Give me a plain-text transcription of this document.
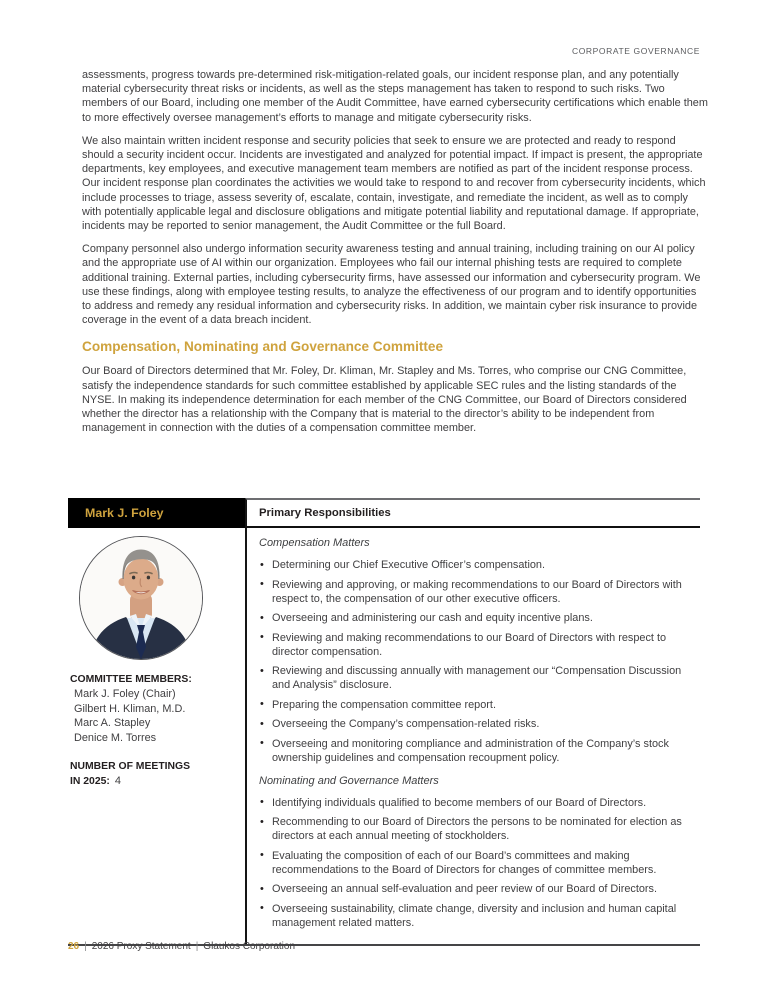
CORPORATE GOVERNANCE

assessments, progress towards pre-determined risk-mitigation-related goals, our incident response plan, and any potentially material cybersecurity threat risks or incidents, as well as the steps management has taken to respond to such risks. Two members of our Board, including one member of the Audit Committee, have earned cybersecurity certifications which enable them to more effectively oversee management’s efforts to manage and mitigate cybersecurity risks.

We also maintain written incident response and security policies that seek to ensure we are protected and ready to respond should a security incident occur. Incidents are investigated and analyzed for potential impact. If impact is present, the appropriate departments, key employees, and executive management team members are notified as part of the incident response process. Our incident response plan coordinates the activities we would take to respond to and recover from cybersecurity incidents, which include processes to triage, assess severity of, escalate, contain, investigate, and remediate the incident, as well as to comply with potentially applicable legal and disclosure obligations and mitigate potential liability and reputational damage. If appropriate, incidents may be reported to senior management, the Audit Committee or the full Board.

Company personnel also undergo information security awareness testing and annual training, including training on our AI policy and the appropriate use of AI within our organization. Employees who fail our internal phishing tests are required to complete additional training. External parties, including cybersecurity firms, have assessed our information and cybersecurity program. We use these findings, along with employee testing results, to analyze the effectiveness of our program and to identify opportunities to address and remedy any residual information and cybersecurity risks. In addition, we maintain cyber risk insurance to provide coverage in the event of a data breach incident.

Compensation, Nominating and Governance Committee

Our Board of Directors determined that Mr. Foley, Dr. Kliman, Mr. Stapley and Ms. Torres, who comprise our CNG Committee, satisfy the independence standards for such committee established by applicable SEC rules and the listing standards of the NYSE. In making its independence determination for each member of the CNG Committee, our Board of Directors considered whether the director has a relationship with the Company that is material to the director’s ability to be independent from management in connection with the duties of a compensation committee member.

Mark J. Foley	Primary Responsibilities
COMMITTEE MEMBERS:
Mark J. Foley (Chair)
Gilbert H. Kliman, M.D.
Marc A. Stapley
Denice M. Torres
NUMBER OF MEETINGS
IN 2025: 4
Compensation Matters
• Determining our Chief Executive Officer’s compensation.
• Reviewing and approving, or making recommendations to our Board of Directors with respect to, the compensation of our other executive officers.
• Overseeing and administering our cash and equity incentive plans.
• Reviewing and making recommendations to our Board of Directors with respect to director compensation.
• Reviewing and discussing annually with management our “Compensation Discussion and Analysis” disclosure.
• Preparing the compensation committee report.
• Overseeing the Company’s compensation-related risks.
• Overseeing and monitoring compliance and administration of the Company’s stock ownership guidelines and compensation recoupment policy.
Nominating and Governance Matters
• Identifying individuals qualified to become members of our Board of Directors.
• Recommending to our Board of Directors the persons to be nominated for election as directors at each annual meeting of stockholders.
• Evaluating the composition of each of our Board’s committees and making recommendations to the Board of Directors for changes of committee members.
• Overseeing an annual self-evaluation and peer review of our Board of Directors.
• Overseeing sustainability, climate change, diversity and inclusion and human capital management related matters.
26 | 2026 Proxy Statement | Glaukos Corporation
